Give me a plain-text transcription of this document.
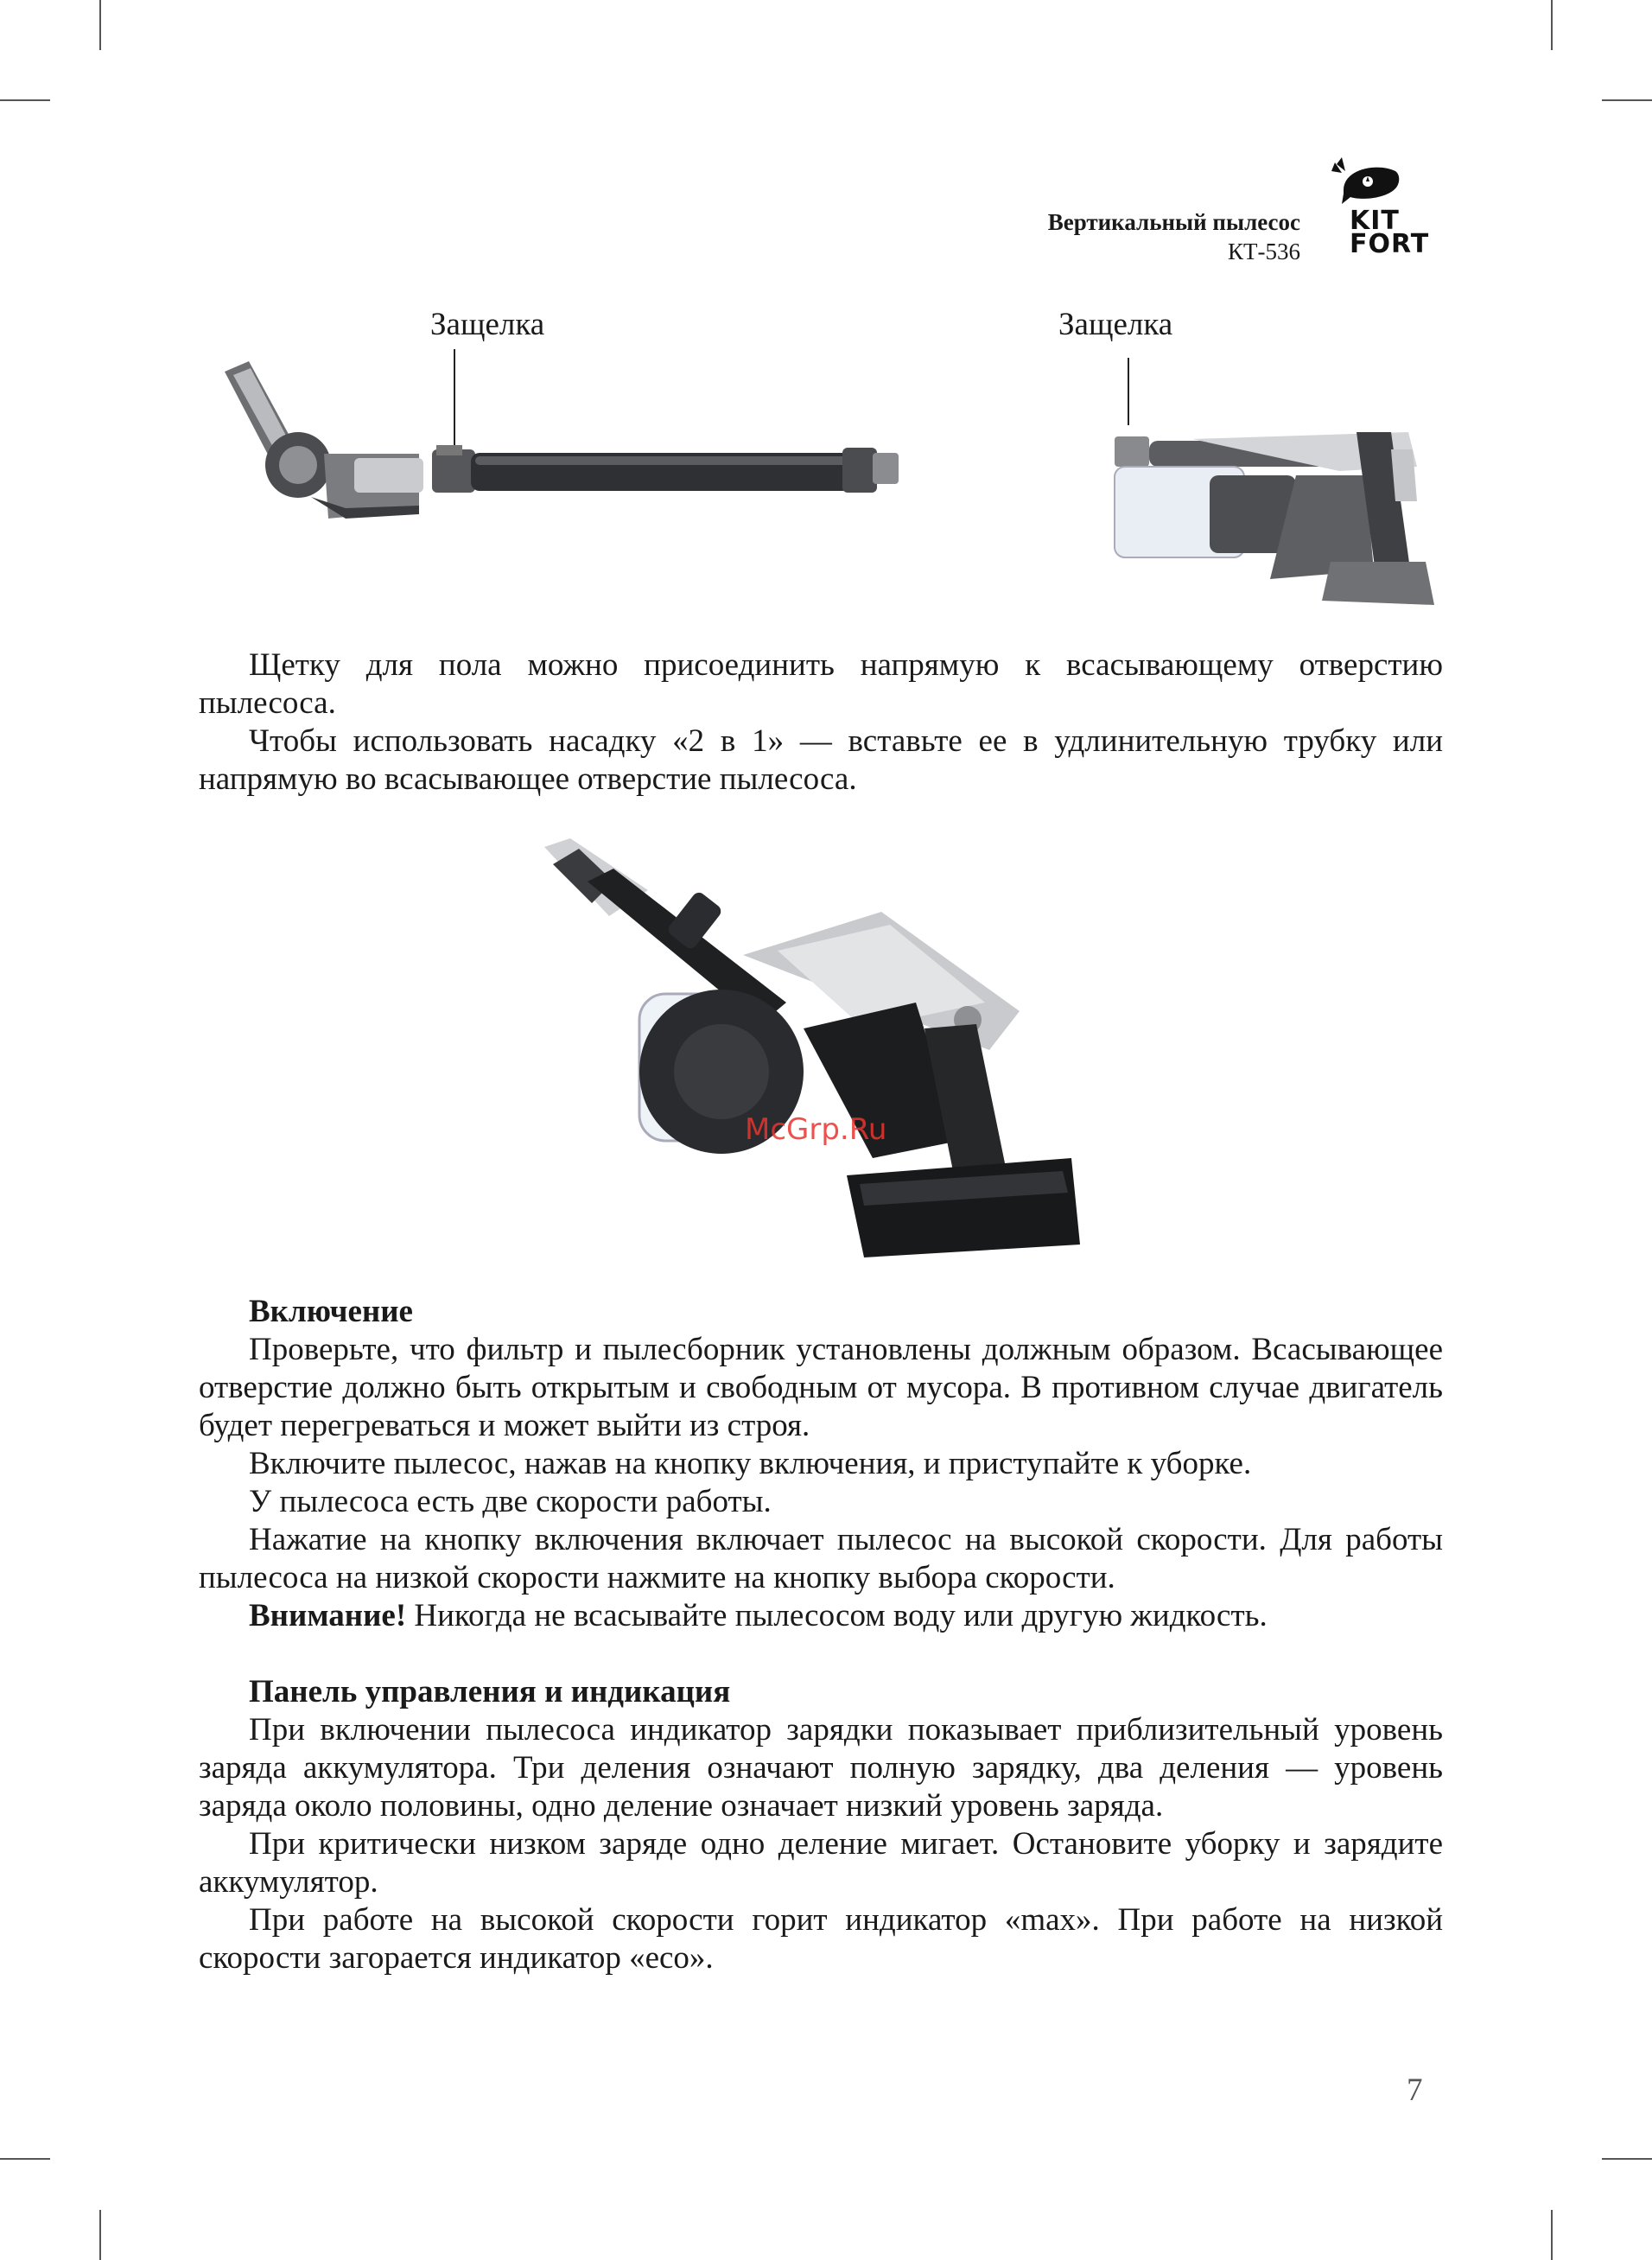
Вертикальный пылесос
КТ-536
KIT
FORT
Защелка	Защелка

Щетку для пола можно присоединить напрямую к всасывающему отверстию пылесоса.

Чтобы использовать насадку «2 в 1» — вставьте ее в удлинительную трубку или напрямую во всасывающее отверстие пылесоса.

McGrp.Ru
Включение

Проверьте, что фильтр и пылесборник установлены должным образом. Всасывающее отверстие должно быть открытым и свободным от мусора. В противном случае двигатель будет перегреваться и может выйти из строя.

Включите пылесос, нажав на кнопку включения, и приступайте к уборке.

У пылесоса есть две скорости работы.

Нажатие на кнопку включения включает пылесос на высокой скорости. Для работы пылесоса на низкой скорости нажмите на кнопку выбора скорости.

Внимание! Никогда не всасывайте пылесосом воду или другую жидкость.

Панель управления и индикация

При включении пылесоса индикатор зарядки показывает приблизительный уровень заряда аккумулятора. Три деления означают полную зарядку, два деления — уровень заряда около половины, одно деление означает низкий уровень заряда.

При критически низком заряде одно деление мигает. Остановите уборку и зарядите аккумулятор.

При работе на высокой скорости горит индикатор «max». При работе на низкой скорости загорается индикатор «eco».

7
